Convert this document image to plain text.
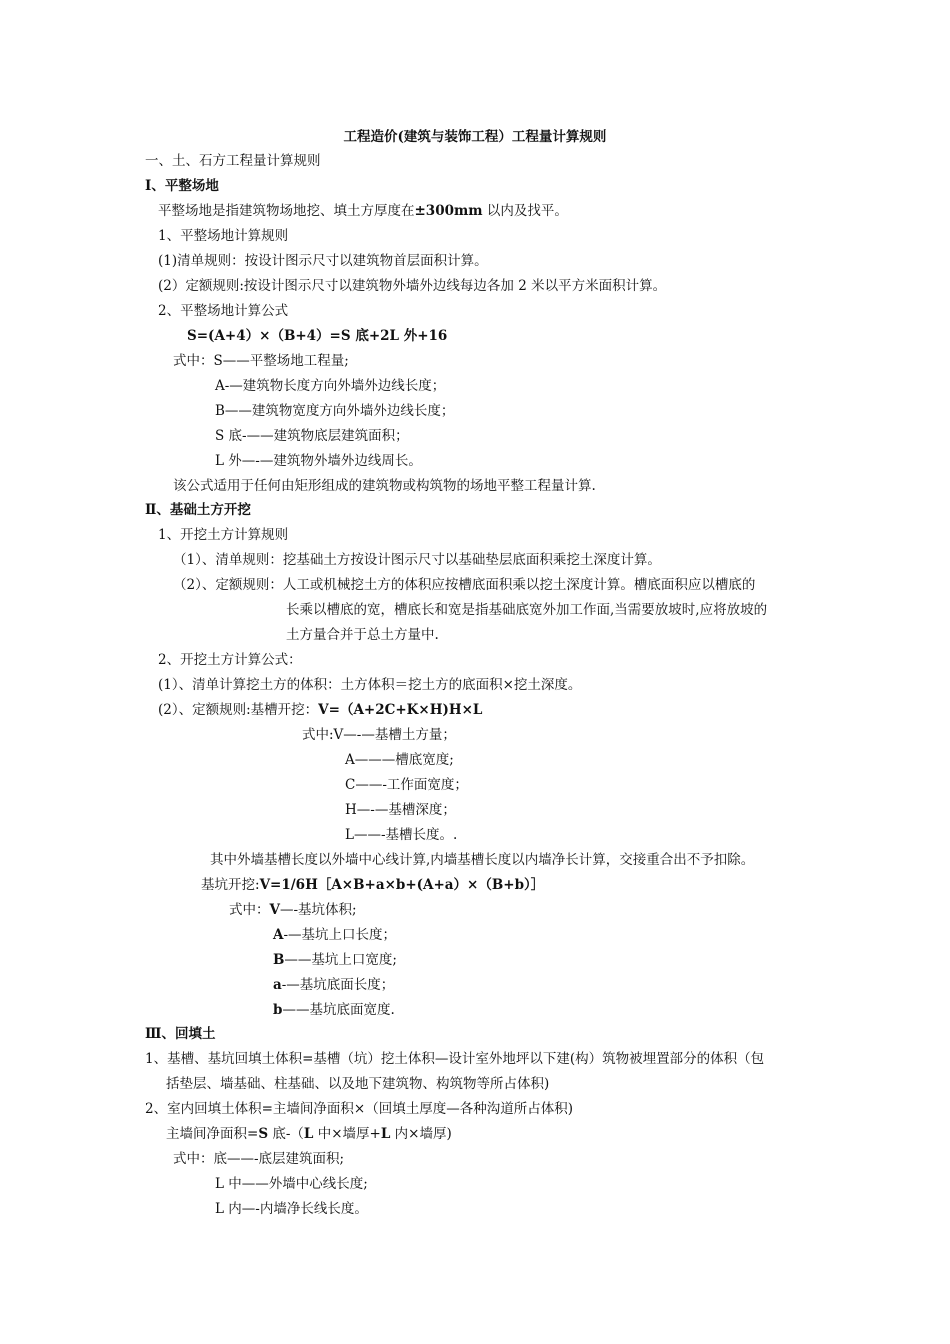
工程造价(建筑与装饰工程）工程量计算规则
一、土、石方工程量计算规则
Ⅰ、平整场地
平整场地是指建筑物场地挖、填土方厚度在±300mm 以内及找平。
1、平整场地计算规则
(1)清单规则：按设计图示尺寸以建筑物首层面积计算。
(2）定额规则:按设计图示尺寸以建筑物外墙外边线每边各加 2 米以平方米面积计算。
2、平整场地计算公式
S=(A+4）×（B+4）=S 底+2L 外+16
式中：S——平整场地工程量;
A-—建筑物长度方向外墙外边线长度；
B——建筑物宽度方向外墙外边线长度；
S 底-——建筑物底层建筑面积；
L 外—-—建筑物外墙外边线周长。
该公式适用于任何由矩形组成的建筑物或构筑物的场地平整工程量计算.
Ⅱ、基础土方开挖
1、开挖土方计算规则
（1）、清单规则：挖基础土方按设计图示尺寸以基础垫层底面积乘挖土深度计算。
（2）、定额规则：人工或机械挖土方的体积应按槽底面积乘以挖土深度计算。槽底面积应以槽底的
长乘以槽底的宽，槽底长和宽是指基础底宽外加工作面,当需要放坡时,应将放坡的
土方量合并于总土方量中.
2、开挖土方计算公式：
(1）、清单计算挖土方的体积：土方体积＝挖土方的底面积×挖土深度。
(2）、定额规则:基槽开挖：V=（A+2C+K×H)H×L
式中:V—-—基槽土方量；
A———槽底宽度;
C——-工作面宽度；
H—-—基槽深度；
L——-基槽长度。.
其中外墙基槽长度以外墙中心线计算,内墙基槽长度以内墙净长计算，交接重合出不予扣除。
基坑开挖:V=1/6H［A×B+a×b+(A+a）×（B+b）］
式中：V—-基坑体积;
A-—基坑上口长度；
B——基坑上口宽度;
a-—基坑底面长度；
b——基坑底面宽度.
Ⅲ、回填土
1、基槽、基坑回填土体积=基槽（坑）挖土体积—设计室外地坪以下建(构）筑物被埋置部分的体积（包
括垫层、墙基础、柱基础、以及地下建筑物、构筑物等所占体积)
2、室内回填土体积=主墙间净面积×（回填土厚度—各种沟道所占体积)
主墙间净面积=S 底-（L 中×墙厚+L 内×墙厚)
式中：底——-底层建筑面积;
L 中——外墙中心线长度;
L 内—-内墙净长线长度。
